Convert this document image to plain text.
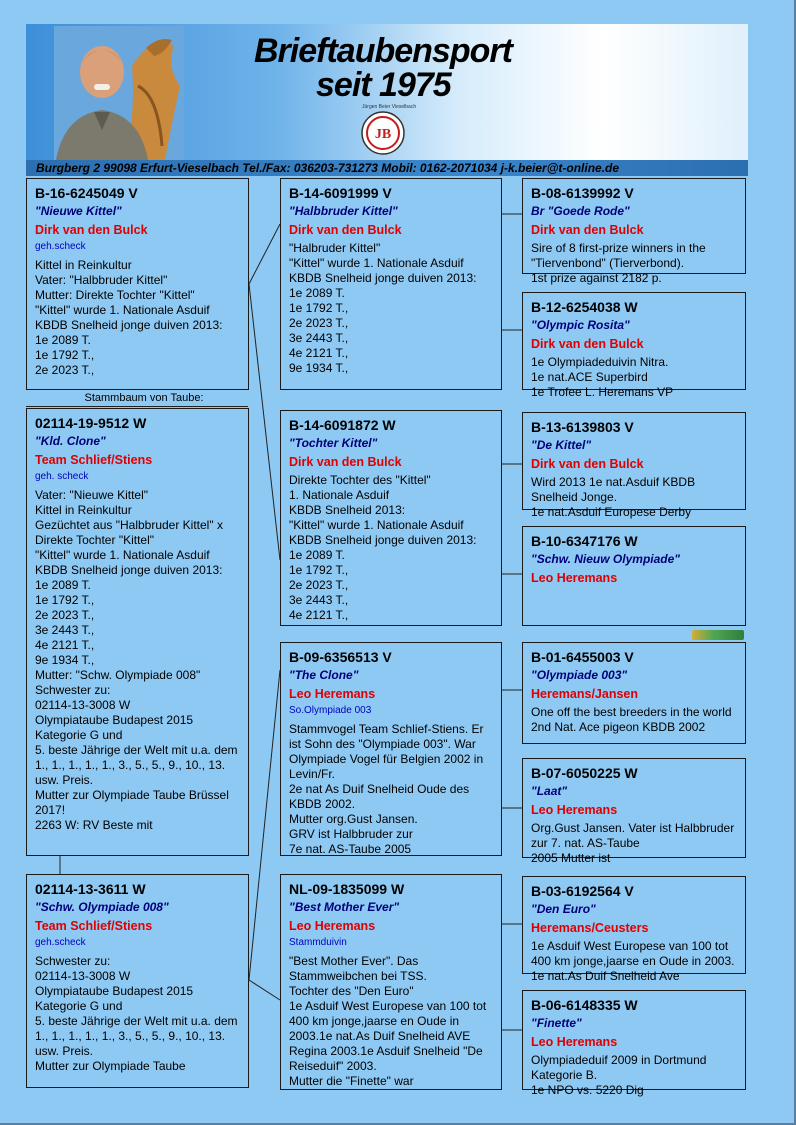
Brieftaubensport
seit 1975
Jürgen Beier Vieselbach
JB
Burgberg 2 99098 Erfurt-Vieselbach Tel./Fax: 036203-731273 Mobil: 0162-2071034 j-k.beier@t-online.de
B-16-6245049 V
"Nieuwe Kittel"
Dirk van den Bulck
geh.scheck
Kittel in Reinkultur
Vater: "Halbbruder Kittel"
Mutter: Direkte Tochter "Kittel"
"Kittel" wurde 1. Nationale Asduif KBDB Snelheid jonge duiven 2013:
1e 2089 T.
1e 1792 T.,
2e 2023 T.,
Stammbaum von Taube:
02114-19-9512 W
"Kld. Clone"
Team Schlief/Stiens
geh. scheck
Vater: "Nieuwe Kittel"
Kittel in Reinkultur
Gezüchtet aus "Halbbruder Kittel" x Direkte Tochter "Kittel"
"Kittel" wurde 1. Nationale Asduif KBDB Snelheid jonge duiven 2013:
1e 2089 T.
1e 1792 T.,
2e 2023 T.,
3e 2443 T.,
4e 2121 T.,
9e 1934 T.,
Mutter: "Schw. Olympiade 008"
Schwester zu:
02114-13-3008 W
Olympiataube Budapest 2015 Kategorie G und
5. beste Jährige der Welt mit u.a. dem
1., 1., 1., 1., 1., 3., 5., 5., 9., 10., 13. usw. Preis.
Mutter zur Olympiade Taube Brüssel 2017!
2263 W: RV Beste mit
02114-13-3611 W
"Schw. Olympiade 008"
Team Schlief/Stiens
geh.scheck
Schwester zu:
02114-13-3008 W
Olympiataube Budapest 2015 Kategorie G und
5. beste Jährige der Welt mit u.a. dem
1., 1., 1., 1., 1., 3., 5., 5., 9., 10., 13. usw. Preis.
Mutter zur Olympiade Taube
B-14-6091999 V
"Halbbruder Kittel"
Dirk van den Bulck
"Halbruder Kittel"
"Kittel" wurde 1. Nationale Asduif KBDB Snelheid jonge duiven 2013:
1e 2089 T.
1e 1792 T.,
2e 2023 T.,
3e 2443 T.,
4e 2121 T.,
9e 1934 T.,
B-14-6091872 W
"Tochter Kittel"
Dirk van den Bulck
Direkte Tochter des "Kittel"
1. Nationale Asduif
KBDB Snelheid 2013:
"Kittel" wurde 1. Nationale Asduif KBDB Snelheid jonge duiven 2013:
1e 2089 T.
1e 1792 T.,
2e 2023 T.,
3e 2443 T.,
4e 2121 T.,
B-09-6356513 V
"The Clone"
Leo Heremans
So.Olympiade 003
Stammvogel Team Schlief-Stiens. Er ist Sohn des "Olympiade 003". War Olympiade Vogel für Belgien 2002 in Levin/Fr.
2e nat As Duif Snelheid Oude des KBDB 2002.
Mutter org.Gust Jansen.
GRV ist Halbbruder zur
7e nat. AS-Taube 2005
NL-09-1835099 W
"Best Mother Ever"
Leo Heremans
Stammduivin
"Best Mother Ever". Das Stammweibchen bei TSS.
Tochter des "Den Euro"
1e Asduif West Europese van 100 tot 400 km jonge,jaarse en Oude in 2003.1e nat.As Duif Snelheid AVE Regina 2003.1e Asduif Snelheid "De Reiseduif" 2003.
Mutter die "Finette" war
B-08-6139992 V
Br "Goede Rode"
Dirk van den Bulck
Sire of 8 first-prize winners in the "Tiervenbond" (Tierverbond).
1st prize against 2182 p.
B-12-6254038 W
"Olympic Rosita"
Dirk van den Bulck
1e Olympiadeduivin Nitra.
1e nat.ACE Superbird
1e Trofee L. Heremans VP
B-13-6139803 V
"De Kittel"
Dirk van den Bulck
Wird 2013 1e nat.Asduif KBDB Snelheid Jonge.
1e nat.Asduif Europese Derby
B-10-6347176 W
"Schw. Nieuw Olympiade"
Leo Heremans
B-01-6455003 V
"Olympiade 003"
Heremans/Jansen
One off the best breeders in the world
2nd Nat. Ace pigeon KBDB 2002
B-07-6050225 W
"Laat"
Leo Heremans
Org.Gust Jansen. Vater ist Halbbruder zur 7. nat. AS-Taube
2005 Mutter ist
B-03-6192564 V
"Den Euro"
Heremans/Ceusters
1e Asduif West Europese van 100 tot 400 km jonge,jaarse en Oude in 2003. 1e nat.As Duif Snelheid Ave
B-06-6148335 W
"Finette"
Leo Heremans
Olympiadeduif 2009 in Dortmund Kategorie B.
1e NPO vs. 5220 Dig
